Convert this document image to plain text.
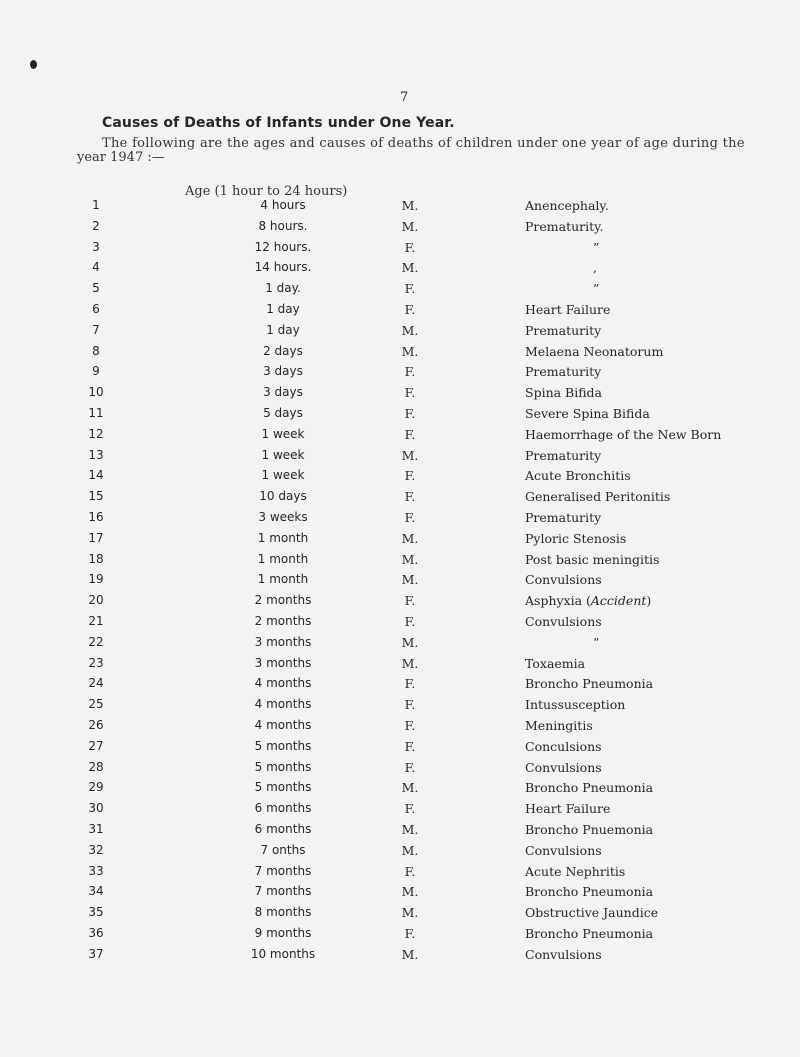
7
Causes of Deaths of Infants under One Year.
The following are the ages and causes of deaths of children under one year of age during the
year 1947 :—
Age (1 hour to 24 hours)
1	4 hours	M.	Anencephaly.
2	8 hours.	M.	Prematurity.
3	12 hours.	F.	”
4	14 hours.	M.	,
5	1 day.	F.	”
6	1 day	F.	Heart Failure
7	1 day	M.	Prematurity
8	2 days	M.	Melaena Neonatorum
9	3 days	F.	Prematurity
10	3 days	F.	Spina Bifida
11	5 days	F.	Severe Spina Bifida
12	1 week	F.	Haemorrhage of the New Born
13	1 week	M.	Prematurity
14	1 week	F.	Acute Bronchitis
15	10 days	F.	Generalised Peritonitis
16	3 weeks	F.	Prematurity
17	1 month	M.	Pyloric Stenosis
18	1 month	M.	Post basic meningitis
19	1 month	M.	Convulsions
20	2 months	F.	Asphyxia (Accident)
21	2 months	F.	Convulsions
22	3 months	M.	”
23	3 months	M.	Toxaemia
24	4 months	F.	Broncho Pneumonia
25	4 months	F.	Intussusception
26	4 months	F.	Meningitis
27	5 months	F.	Conculsions
28	5 months	F.	Convulsions
29	5 months	M.	Broncho Pneumonia
30	6 months	F.	Heart Failure
31	6 months	M.	Broncho Pnuemonia
32	7 onths	M.	Convulsions
33	7 months	F.	Acute Nephritis
34	7 months	M.	Broncho Pneumonia
35	8 months	M.	Obstructive Jaundice
36	9 months	F.	Broncho Pneumonia
37	10 months	M.	Convulsions
